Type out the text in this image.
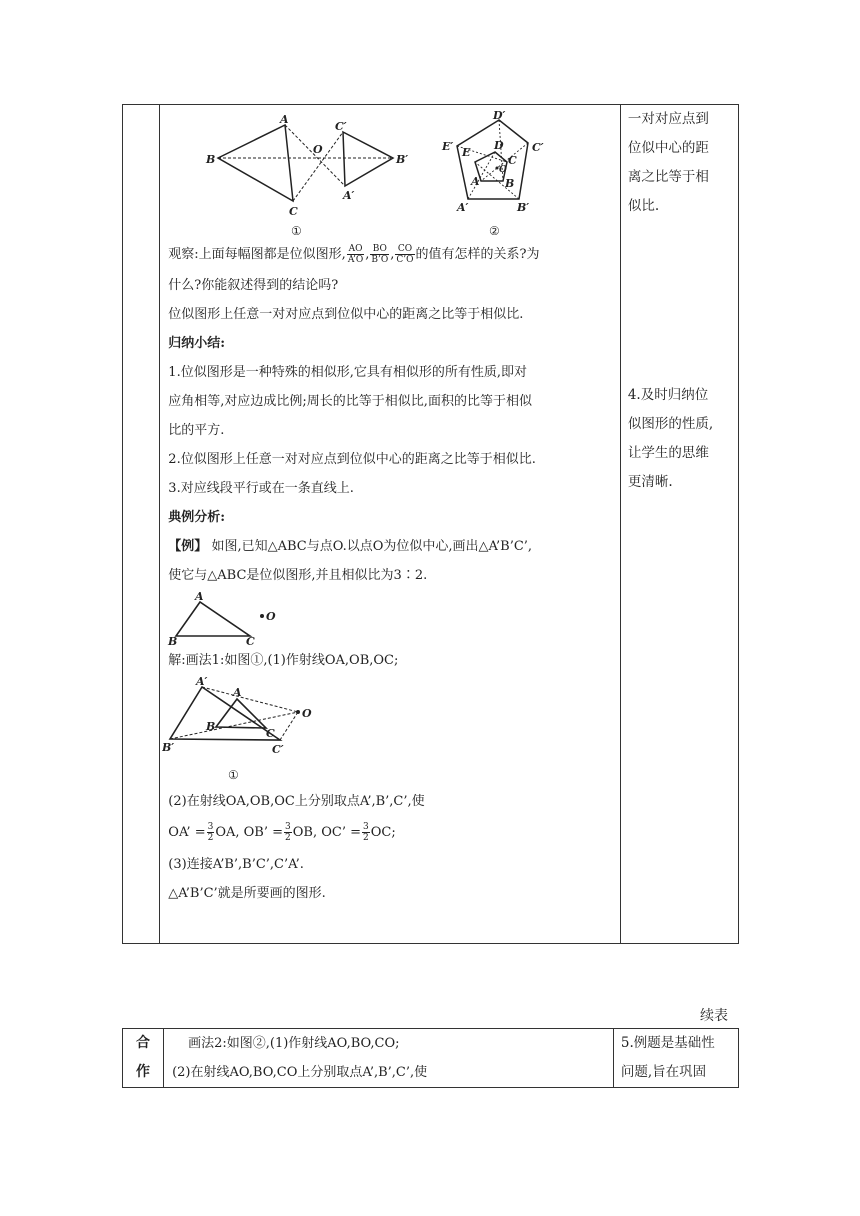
B
A
C
C′
B′
A′
O
①
D′
D
E′ E
C
C′
A B
A′	B′
O
②
观察:上面每幅图都是位似图形, $\frac{AO}{A’O}$ , $\frac{BO}{B’O}$ , $\frac{CO}{C’O}$ 的值有怎样的关系?为
什么?你能叙述得到的结论吗?
位似图形上任意一对对应点到位似中心的距离之比等于相似比.
归纳小结:
1.位似图形是一种特殊的相似形,它具有相似形的所有性质,即对
应角相等,对应边成比例;周长的比等于相似比,面积的比等于相似
比的平方.
2.位似图形上任意一对对应点到位似中心的距离之比等于相似比.
3.对应线段平行或在一条直线上.
典例分析:
【例】 如图,已知△ABC与点O.以点O为位似中心,画出△A’B’C’,
使它与△ABC是位似图形,并且相似比为3∶2.
A
B	C
O
解:画法1:如图①,(1)作射线OA,OB,OC;
A′
A
B
C
B′	C′
O
①
(2)在射线OA,OB,OC上分别取点A’,B’,C’,使
OA’ = $\frac{3}{2}$ OA, OB’ = $\frac{3}{2}$ OB, OC’ = $\frac{3}{2}$ OC;
(3)连接A’B’,B’C’,C’A’.
△A’B’C’就是所要画的图形.

一对对应点到
位似中心的距
离之比等于相
似比.
4.及时归纳位
似图形的性质,
让学生的思维
更清晰.
续表
合
作

画法2:如图②,(1)作射线AO,BO,CO;
(2)在射线AO,BO,CO上分别取点A’,B’,C’,使

5.例题是基础性
问题,旨在巩固
